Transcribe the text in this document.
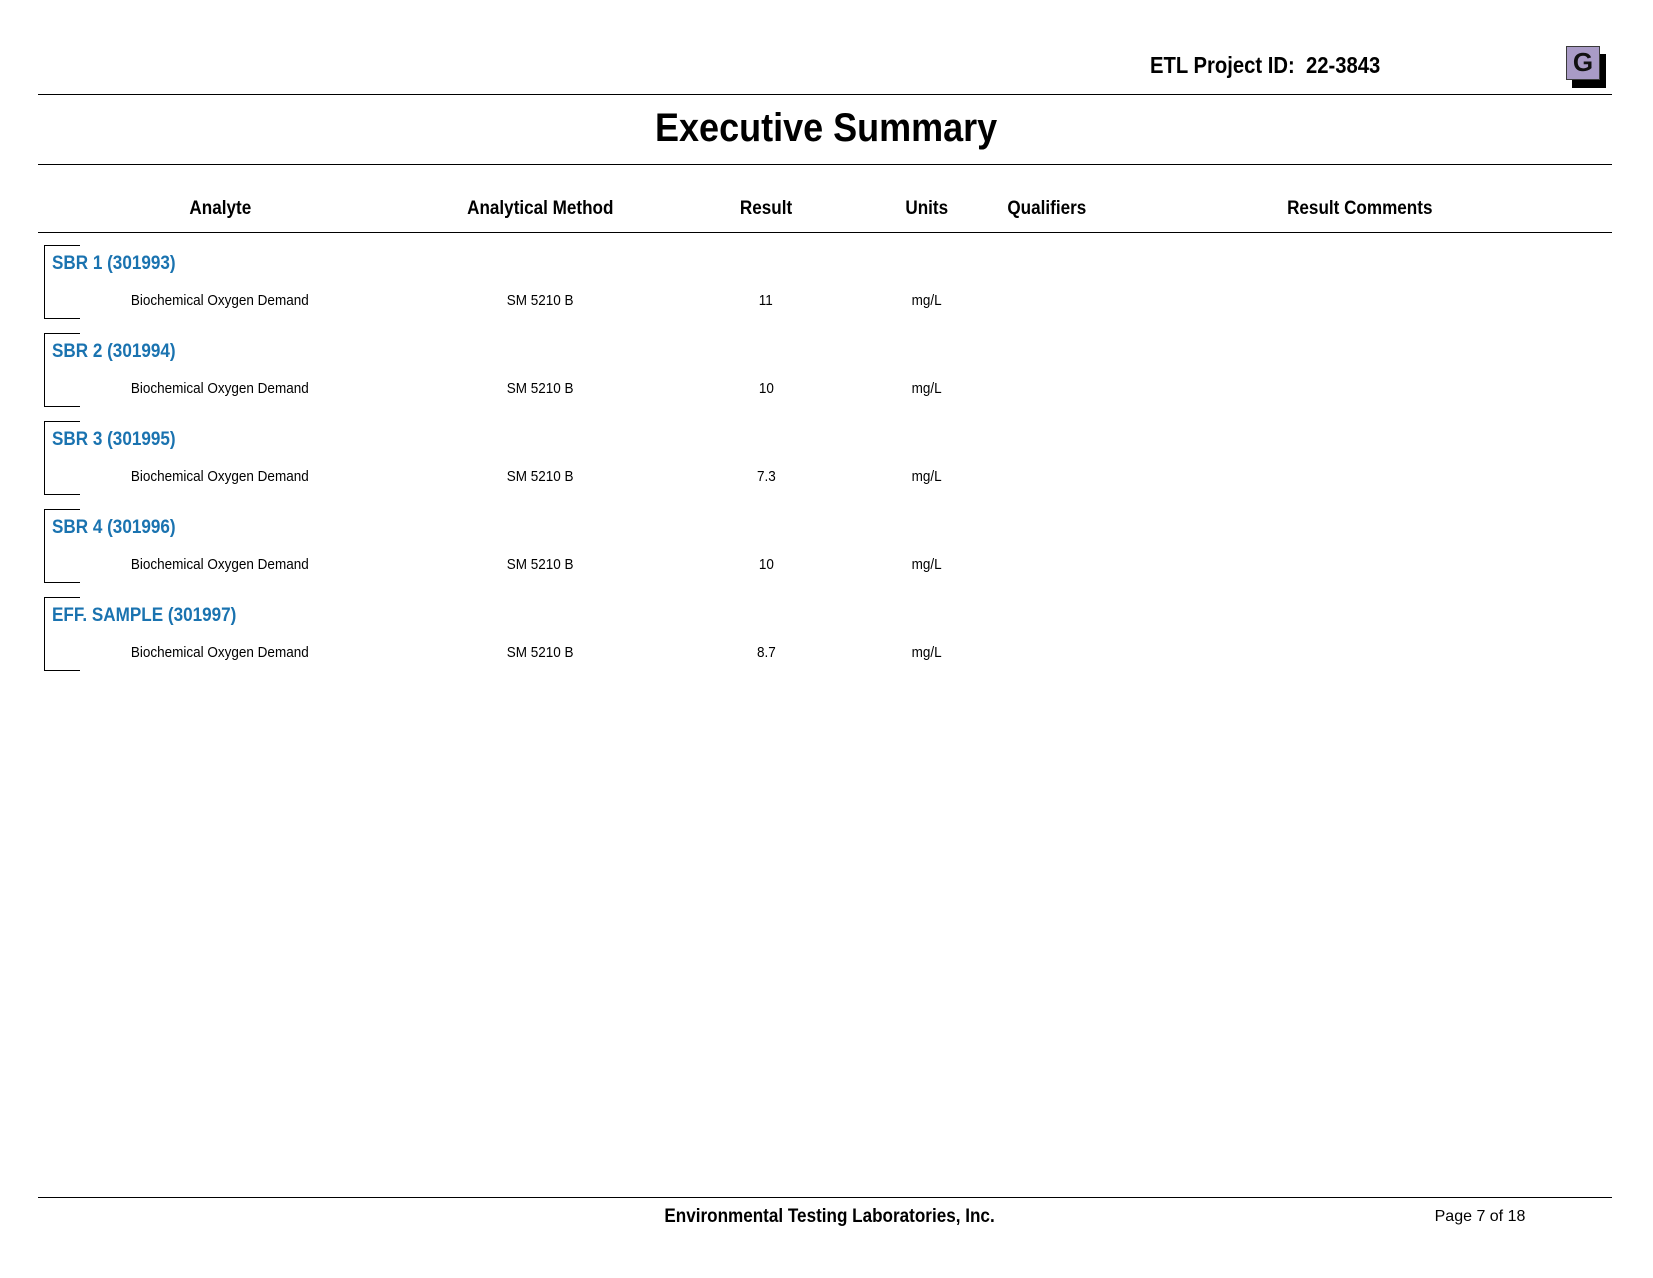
ETL Project ID:  22-3843	G
Executive Summary
Analyte	Analytical Method	Result	Units	Qualifiers	Result Comments
SBR 1 (301993)
Biochemical Oxygen Demand	SM 5210 B	11	mg/L
SBR 2 (301994)
Biochemical Oxygen Demand	SM 5210 B	10	mg/L
SBR 3 (301995)
Biochemical Oxygen Demand	SM 5210 B	7.3	mg/L
SBR 4 (301996)
Biochemical Oxygen Demand	SM 5210 B	10	mg/L
EFF. SAMPLE (301997)
Biochemical Oxygen Demand	SM 5210 B	8.7	mg/L
Environmental Testing Laboratories, Inc.	Page 7 of 18
